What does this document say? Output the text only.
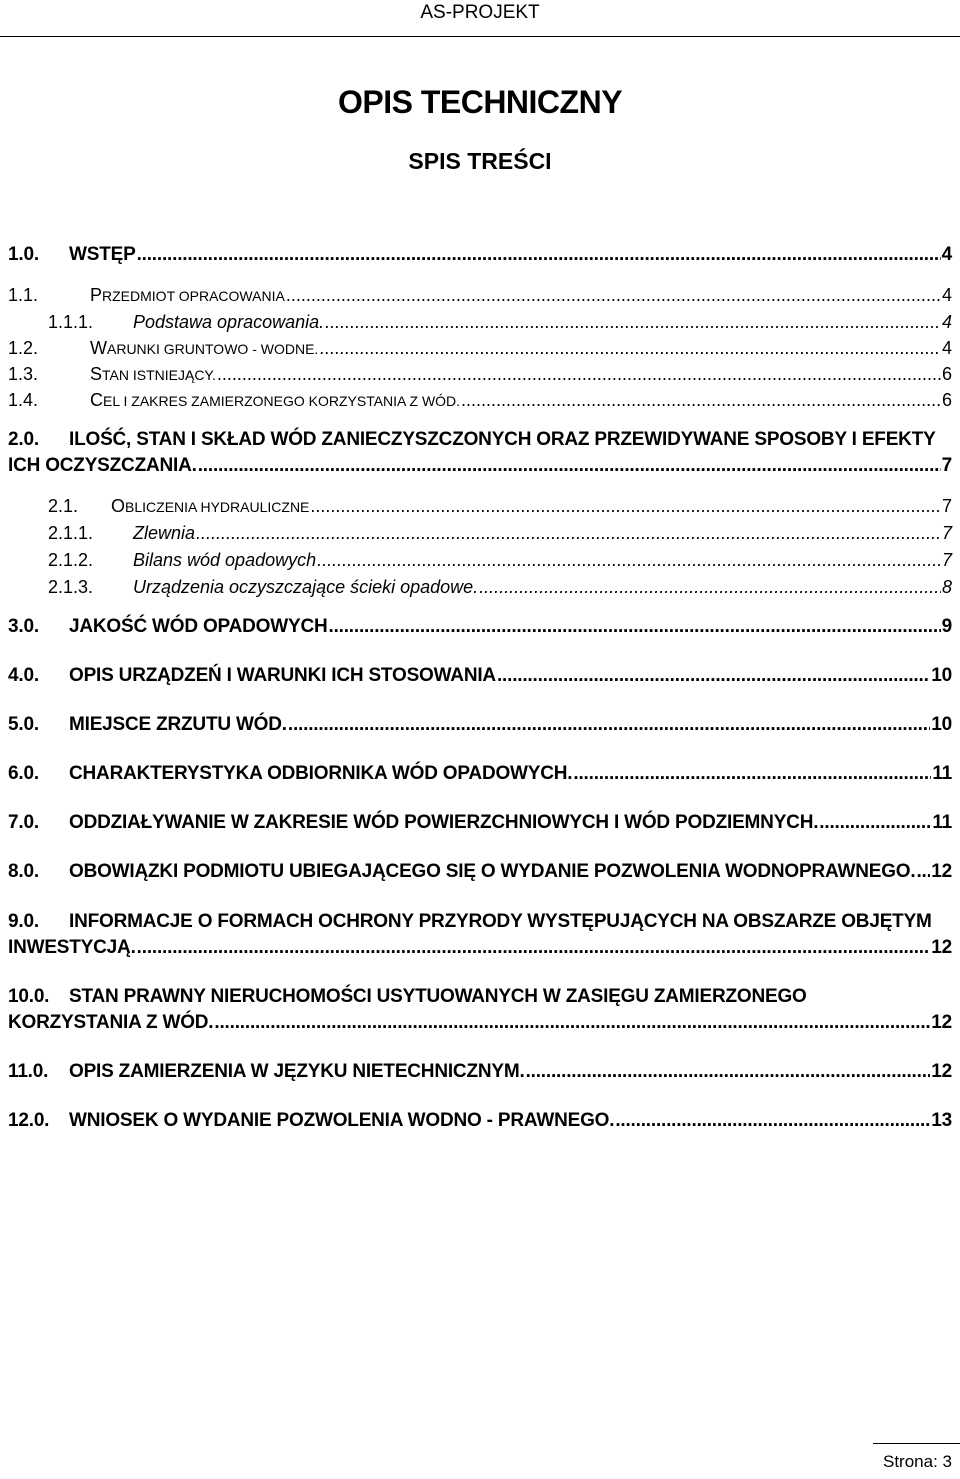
AS-PROJEKT
OPIS TECHNICZNY
SPIS TREŚCI
1.0. WSTĘP .....	4
1.1.	PRZEDMIOT OPRACOWANIA .....	4
1.1.1. Podstawa opracowania. .....	4
1.2.	WARUNKI GRUNTOWO - WODNE. .....	4
1.3.	STAN ISTNIEJĄCY. .....	6
1.4.	CEL I ZAKRES ZAMIERZONEGO KORZYSTANIA Z WÓD. .....	6
2.0. ILOŚĆ, STAN I SKŁAD WÓD ZANIECZYSZCZONYCH ORAZ PRZEWIDYWANE SPOSOBY I EFEKTY
ICH OCZYSZCZANIA. .....	7
2.1. OBLICZENIA HYDRAULICZNE .....	7
2.1.1. Zlewnia .....	7
2.1.2. Bilans wód opadowych .....	7
2.1.3. Urządzenia oczyszczające ścieki opadowe. .....	8
3.0. JAKOŚĆ WÓD OPADOWYCH .....	9
4.0. OPIS URZĄDZEŃ I WARUNKI ICH STOSOWANIA .....	10
5.0. MIEJSCE ZRZUTU WÓD. .....	10
6.0. CHARAKTERYSTYKA ODBIORNIKA WÓD OPADOWYCH. .....	11
7.0. ODDZIAŁYWANIE W ZAKRESIE WÓD POWIERZCHNIOWYCH I WÓD PODZIEMNYCH. .....	11
8.0. OBOWIĄZKI PODMIOTU UBIEGAJĄCEGO SIĘ O WYDANIE POZWOLENIA WODNOPRAWNEGO. ..... 12
9.0. INFORMACJE O FORMACH OCHRONY PRZYRODY WYSTĘPUJĄCYCH NA OBSZARZE OBJĘTYM
INWESTYCJĄ. .....	12
10.0. STAN PRAWNY NIERUCHOMOŚCI USYTUOWANYCH W ZASIĘGU ZAMIERZONEGO
KORZYSTANIA Z WÓD. .....	12
11.0. OPIS ZAMIERZENIA W JĘZYKU NIETECHNICZNYM. .....	12
12.0. WNIOSEK O WYDANIE POZWOLENIA WODNO - PRAWNEGO. .....	13
Strona: 3
